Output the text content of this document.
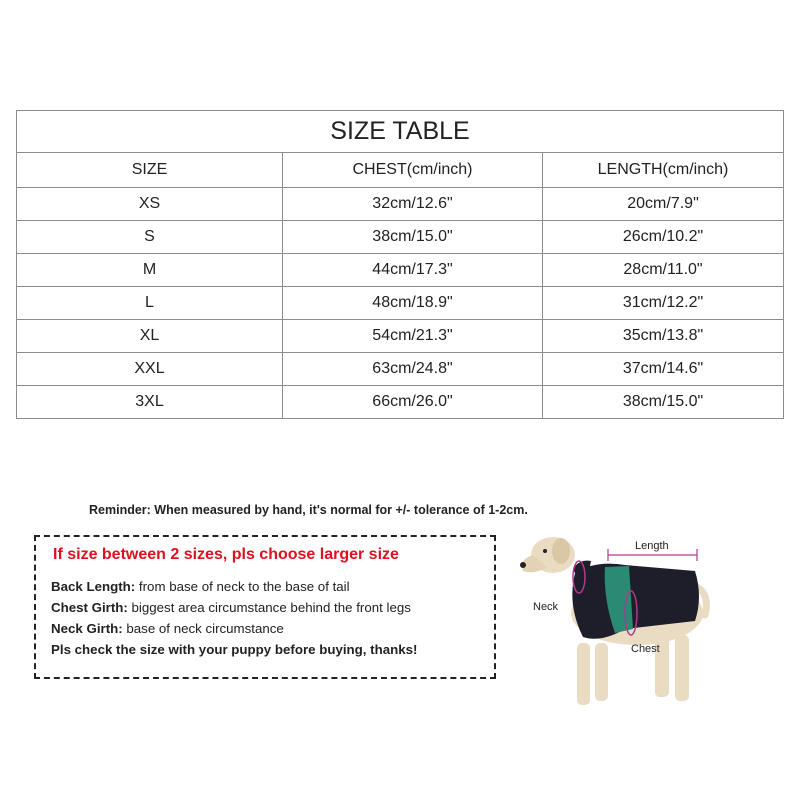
SIZE TABLE		
SIZE	CHEST(cm/inch)	LENGTH(cm/inch)
XS	32cm/12.6"	20cm/7.9"
S	38cm/15.0"	26cm/10.2"
M	44cm/17.3"	28cm/11.0"
L	48cm/18.9"	31cm/12.2"
XL	54cm/21.3"	35cm/13.8"
XXL	63cm/24.8"	37cm/14.6"
3XL	66cm/26.0"	38cm/15.0"
Reminder: When measured by hand, it's normal for +/- tolerance of 1-2cm.
If size between 2 sizes, pls choose larger size
Back Length: from base of neck to the base of tail
Chest Girth: biggest area circumstance behind the front legs
Neck Girth: base of neck circumstance
Pls check the size with your puppy before buying, thanks!
Length
Neck
Chest
